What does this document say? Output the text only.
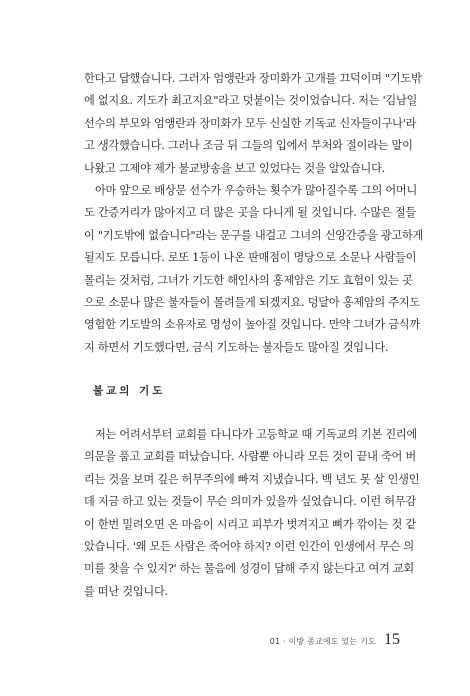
한다고 답했습니다. 그러자 엄앵란과 장미화가 고개를 끄덕이며 "기도밖
에 없지요. 기도가 최고지요"라고 덧붙이는 것이었습니다. 저는 '김남일
선수의 부모와 엄앵란과 장미화가 모두 신실한 기독교 신자들이구나'라
고 생각했습니다. 그러나 조금 뒤 그들의 입에서 부처와 절이라는 말이
나왔고 그제야 제가 불교방송을 보고 있었다는 것을 알았습니다.
아마 앞으로 배상문 선수가 우승하는 횟수가 많아질수록 그의 어머니
도 간증거리가 많아지고 더 많은 곳을 다니게 될 것입니다. 수많은 절들
이 "기도밖에 없습니다"라는 문구를 내걸고 그녀의 신앙간증을 광고하게
될지도 모릅니다. 로또 1등이 나온 판매점이 명당으로 소문나 사람들이
몰리는 것처럼, 그녀가 기도한 해인사의 홍제암은 기도 효험이 있는 곳
으로 소문나 많은 불자들이 몰려들게 되겠지요. 덩달아 홍제암의 주지도
영험한 기도발의 소유자로 명성이 높아질 것입니다. 만약 그녀가 금식까
지 하면서 기도했다면, 금식 기도하는 불자들도 많아질 것입니다.
불교의 기도
저는 어려서부터 교회를 다니다가 고등학교 때 기독교의 기본 진리에
의문을 품고 교회를 떠났습니다. 사람뿐 아니라 모든 것이 끝내 죽어 버
리는 것을 보며 깊은 허무주의에 빠져 지냈습니다. 백 년도 못 살 인생인
데 지금 하고 있는 것들이 무슨 의미가 있을까 싶었습니다. 이런 허무감
이 한번 밀려오면 온 마음이 시리고 피부가 벗겨지고 뼈가 깎이는 것 같
았습니다. '왜 모든 사람은 죽어야 하지? 이런 인간이 인생에서 무슨 의
미를 찾을 수 있지?' 하는 물음에 성경이 답해 주지 않는다고 여겨 교회
를 떠난 것입니다.
01 · 이방 종교에도 있는 기도 15
